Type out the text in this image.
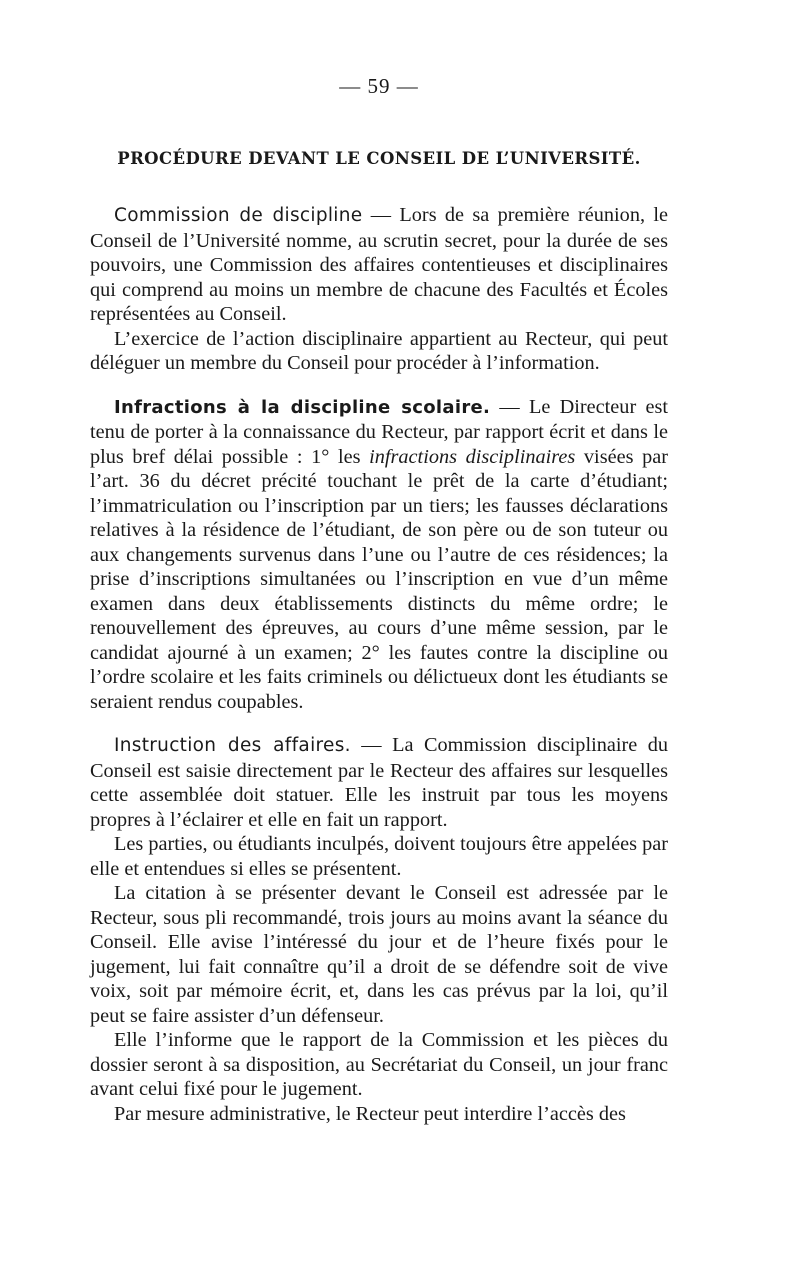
— 59 —
PROCÉDURE DEVANT LE CONSEIL DE L’UNIVERSITÉ.

Commission de discipline — Lors de sa première réunion, le Conseil de l’Université nomme, au scrutin secret, pour la durée de ses pouvoirs, une Commission des affaires contentieuses et disciplinaires qui comprend au moins un membre de chacune des Facultés et Écoles représentées au Conseil.

L’exercice de l’action disciplinaire appartient au Recteur, qui peut déléguer un membre du Conseil pour procéder à l’information.

Infractions à la discipline scolaire. — Le Directeur est tenu de porter à la connaissance du Recteur, par rapport écrit et dans le plus bref délai possible : 1° les infractions disciplinaires visées par l’art. 36 du décret précité touchant le prêt de la carte d’étudiant; l’immatriculation ou l’inscription par un tiers; les fausses déclarations relatives à la résidence de l’étudiant, de son père ou de son tuteur ou aux changements survenus dans l’une ou l’autre de ces résidences; la prise d’inscriptions simultanées ou l’inscription en vue d’un même examen dans deux établissements distincts du même ordre; le renouvellement des épreuves, au cours d’une même session, par le candidat ajourné à un examen; 2° les fautes contre la discipline ou l’ordre scolaire et les faits criminels ou délictueux dont les étudiants se seraient rendus coupables.

Instruction des affaires. — La Commission disciplinaire du Conseil est saisie directement par le Recteur des affaires sur lesquelles cette assemblée doit statuer. Elle les instruit par tous les moyens propres à l’éclairer et elle en fait un rapport.

Les parties, ou étudiants inculpés, doivent toujours être appelées par elle et entendues si elles se présentent.

La citation à se présenter devant le Conseil est adressée par le Recteur, sous pli recommandé, trois jours au moins avant la séance du Conseil. Elle avise l’intéressé du jour et de l’heure fixés pour le jugement, lui fait connaître qu’il a droit de se défendre soit de vive voix, soit par mémoire écrit, et, dans les cas prévus par la loi, qu’il peut se faire assister d’un défenseur.

Elle l’informe que le rapport de la Commission et les pièces du dossier seront à sa disposition, au Secrétariat du Conseil, un jour franc avant celui fixé pour le jugement.

Par mesure administrative, le Recteur peut interdire l’accès des
